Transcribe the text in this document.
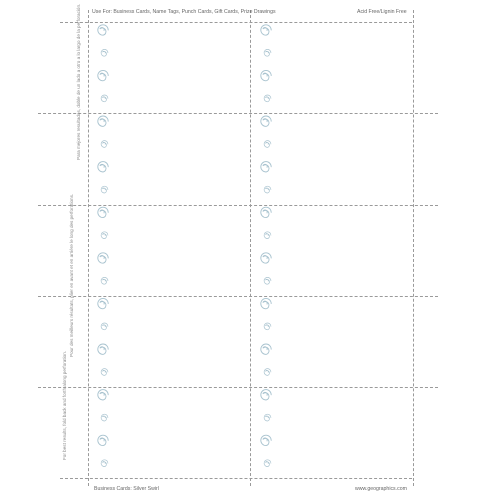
Use For: Business Cards, Name Tags, Punch Cards, Gift Cards, Prize Drawings	Acid Free/Lignin Free
For best results, fold back and forth along perforation.
Pour des meilleurs résultats, plier en avant et en arrière le long des perforations.
Para mejores resultados, doble de un lado a otro a lo largo de la perforación.
Business Cards: Silver Swirl	www.geographics.com
